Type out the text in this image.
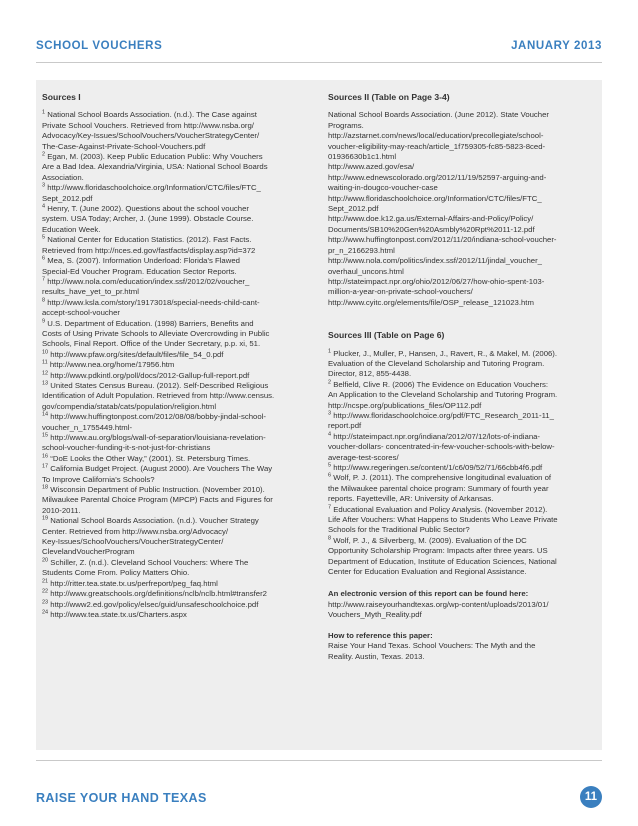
SCHOOL VOUCHERS	JANUARY 2013

Sources I

$^1$ National School Boards Association. (n.d.). The Case against
Private School Vouchers. Retrieved from http://www.nsba.org/
Advocacy/Key-Issues/SchoolVouchers/VoucherStrategyCenter/
The-Case-Against-Private-School-Vouchers.pdf
$^2$ Egan, M. (2003). Keep Public Education Public: Why Vouchers
Are a Bad Idea. Alexandria/Virginia, USA: National School Boards
Association.
$^3$ http://www.floridaschoolchoice.org/Information/CTC/files/FTC_
Sept_2012.pdf
$^4$ Henry, T. (June 2002). Questions about the school voucher
system. USA Today; Archer, J. (June 1999). Obstacle Course.
Education Week.
$^5$ National Center for Education Statistics. (2012). Fast Facts.
Retrieved from http://nces.ed.gov/fastfacts/display.asp?id=372
$^6$ Mea, S. (2007). Information Underload: Florida's Flawed
Special-Ed Voucher Program. Education Sector Reports.
$^7$ http://www.nola.com/education/index.ssf/2012/02/voucher_
results_have_yet_to_pr.html
$^8$ http://www.ksla.com/story/19173018/special-needs-child-cant-
accept-school-voucher
$^9$ U.S. Department of Education. (1998) Barriers, Benefits and
Costs of Using Private Schools to Alleviate Overcrowding in Public
Schools, Final Report. Office of the Under Secretary, p.p. xi, 51.
$^{10}$ http://www.pfaw.org/sites/default/files/file_54_0.pdf
$^{11}$ http://www.nea.org/home/17956.htm
$^{12}$ http://www.pdkintl.org/poll/docs/2012-Gallup-full-report.pdf
$^{13}$ United States Census Bureau. (2012). Self-Described Religious
Identification of Adult Population. Retrieved from http://www.census.
gov/compendia/statab/cats/population/religion.html
$^{14}$ http://www.huffingtonpost.com/2012/08/08/bobby-jindal-school-
voucher_n_1755449.html-
$^{15}$ http://www.au.org/blogs/wall-of-separation/louisiana-revelation-
school-voucher-funding-it-s-not-just-for-christians
$^{16}$ “DoE Looks the Other Way,” (2001). St. Petersburg Times.
$^{17}$ California Budget Project. (August 2000). Are Vouchers The Way
To Improve California's Schools?
$^{18}$ Wisconsin Department of Public Instruction. (November 2010).
Milwaukee Parental Choice Program (MPCP) Facts and Figures for
2010-2011.
$^{19}$ National School Boards Association. (n.d.). Voucher Strategy
Center. Retrieved from http://www.nsba.org/Advocacy/
Key-Issues/SchoolVouchers/VoucherStrategyCenter/
ClevelandVoucherProgram
$^{20}$ Schiller, Z. (n.d.). Cleveland School Vouchers: Where The
Students Come From. Policy Matters Ohio.
$^{21}$ http://ritter.tea.state.tx.us/perfreport/peg_faq.html
$^{22}$ http://www.greatschools.org/definitions/nclb/nclb.html#transfer2
$^{23}$ http://www2.ed.gov/policy/elsec/guid/unsafeschoolchoice.pdf
$^{24}$ http://www.tea.state.tx.us/Charters.aspx

Sources II (Table on Page 3-4)

National School Boards Association. (June 2012). State Voucher
Programs.
http://azstarnet.com/news/local/education/precollegiate/school-
voucher-eligibility-may-reach/article_1f759305-fc85-5823-8ced-
01936630b1c1.html
http://www.azed.gov/esa/
http://www.ednewscolorado.org/2012/11/19/52597-arguing-and-
waiting-in-dougco-voucher-case
http://www.floridaschoolchoice.org/Information/CTC/files/FTC_
Sept_2012.pdf
http://www.doe.k12.ga.us/External-Affairs-and-Policy/Policy/
Documents/SB10%20Gen%20Asmbly%20Rpt%2011-12.pdf
http://www.huffingtonpost.com/2012/11/20/indiana-school-voucher-
pr_n_2166293.html
http://www.nola.com/politics/index.ssf/2012/11/jindal_voucher_
overhaul_uncons.html
http://stateimpact.npr.org/ohio/2012/06/27/how-ohio-spent-103-
million-a-year-on-private-school-vouchers/
http://www.cyitc.org/elements/file/OSP_release_121023.htm

Sources III (Table on Page 6)

$^1$ Plucker, J., Muller, P., Hansen, J., Ravert, R., & Makel, M. (2006).
Evaluation of the Cleveland Scholarship and Tutoring Program.
Director, 812, 855-4438.
$^2$ Belfield, Clive R. (2006) The Evidence on Education Vouchers:
An Application to the Cleveland Scholarship and Tutoring Program.
http://ncspe.org/publications_files/OP112.pdf
$^3$ http://www.floridaschoolchoice.org/pdf/FTC_Research_2011-11_
report.pdf
$^4$ http://stateimpact.npr.org/indiana/2012/07/12/lots-of-indiana-
voucher-dollars- concentrated-in-few-voucher-schools-with-below-
average-test-scores/
$^5$ http://www.regeringen.se/content/1/c6/09/52/71/66cbb4f6.pdf
$^6$ Wolf, P. J. (2011). The comprehensive longitudinal evaluation of
the Milwaukee parental choice program: Summary of fourth year
reports. Fayetteville, AR: University of Arkansas.
$^7$ Educational Evaluation and Policy Analysis. (November 2012).
Life After Vouchers: What Happens to Students Who Leave Private
Schools for the Traditional Public Sector?
$^8$ Wolf, P. J., & Silverberg, M. (2009). Evaluation of the DC
Opportunity Scholarship Program: Impacts after three years. US
Department of Education, Institute of Education Sciences, National
Center for Education Evaluation and Regional Assistance.

An electronic version of this report can be found here:

http://www.raiseyourhandtexas.org/wp-content/uploads/2013/01/
Vouchers_Myth_Reality.pdf

How to reference this paper:

Raise Your Hand Texas. School Vouchers: The Myth and the
Reality. Austin, Texas. 2013.
RAISE YOUR HAND TEXAS	11
